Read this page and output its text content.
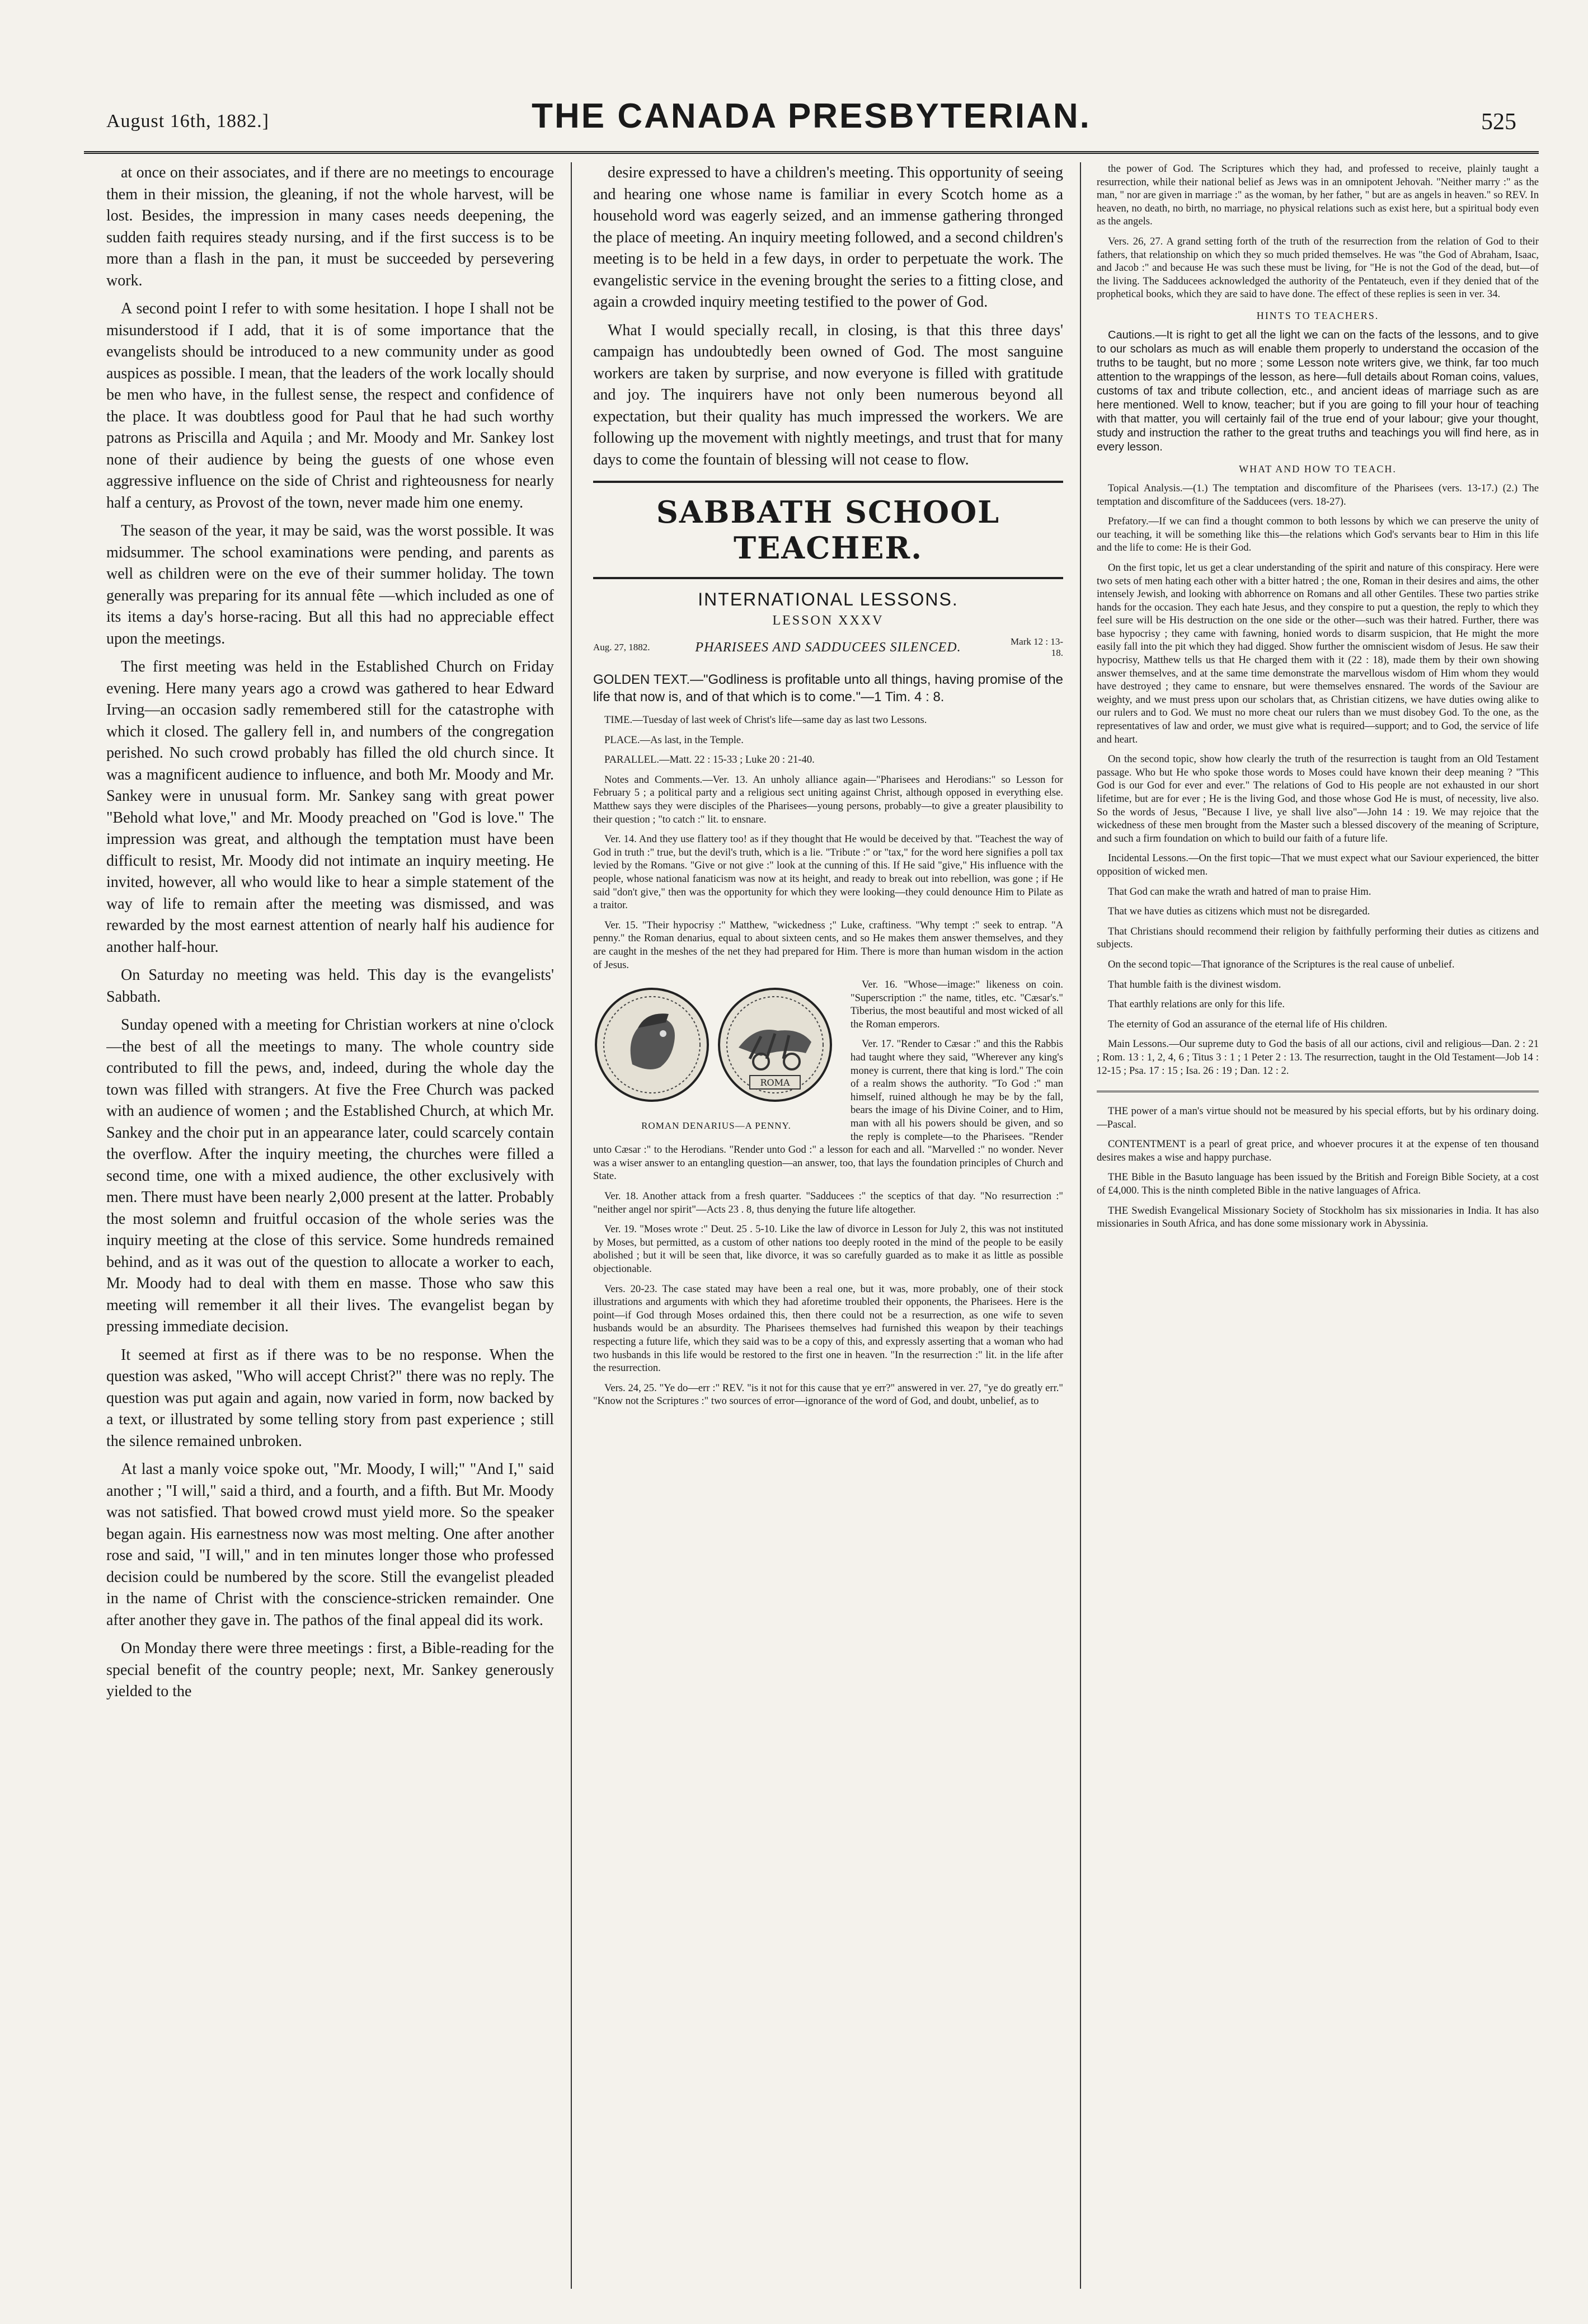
August 16th, 1882.]	THE CANADA PRESBYTERIAN.	525

at once on their associates, and if there are no meetings to encourage them in their mission, the gleaning, if not the whole harvest, will be lost. Besides, the impression in many cases needs deepening, the sudden faith requires steady nursing, and if the first success is to be more than a flash in the pan, it must be succeeded by persevering work.

A second point I refer to with some hesitation. I hope I shall not be misunderstood if I add, that it is of some importance that the evangelists should be introduced to a new community under as good auspices as possible. I mean, that the leaders of the work locally should be men who have, in the fullest sense, the respect and confidence of the place. It was doubtless good for Paul that he had such worthy patrons as Priscilla and Aquila ; and Mr. Moody and Mr. Sankey lost none of their audience by being the guests of one whose even aggressive influence on the side of Christ and righteousness for nearly half a century, as Provost of the town, never made him one enemy.

The season of the year, it may be said, was the worst possible. It was midsummer. The school examinations were pending, and parents as well as children were on the eve of their summer holiday. The town generally was preparing for its annual fête —which included as one of its items a day's horse-racing. But all this had no appreciable effect upon the meetings.

The first meeting was held in the Established Church on Friday evening. Here many years ago a crowd was gathered to hear Edward Irving—an occasion sadly remembered still for the catastrophe with which it closed. The gallery fell in, and numbers of the congregation perished. No such crowd probably has filled the old church since. It was a magnificent audience to influence, and both Mr. Moody and Mr. Sankey were in unusual form. Mr. Sankey sang with great power "Behold what love," and Mr. Moody preached on "God is love." The impression was great, and although the temptation must have been difficult to resist, Mr. Moody did not intimate an inquiry meeting. He invited, however, all who would like to hear a simple statement of the way of life to remain after the meeting was dismissed, and was rewarded by the most earnest attention of nearly half his audience for another half-hour.

On Saturday no meeting was held. This day is the evangelists' Sabbath.

Sunday opened with a meeting for Christian workers at nine o'clock—the best of all the meetings to many. The whole country side contributed to fill the pews, and, indeed, during the whole day the town was filled with strangers. At five the Free Church was packed with an audience of women ; and the Established Church, at which Mr. Sankey and the choir put in an appearance later, could scarcely contain the overflow. After the inquiry meeting, the churches were filled a second time, one with a mixed audience, the other exclusively with men. There must have been nearly 2,000 present at the latter. Probably the most solemn and fruitful occasion of the whole series was the inquiry meeting at the close of this service. Some hundreds remained behind, and as it was out of the question to allocate a worker to each, Mr. Moody had to deal with them en masse. Those who saw this meeting will remember it all their lives. The evangelist began by pressing immediate decision.

It seemed at first as if there was to be no response. When the question was asked, "Who will accept Christ?" there was no reply. The question was put again and again, now varied in form, now backed by a text, or illustrated by some telling story from past experience ; still the silence remained unbroken.

At last a manly voice spoke out, "Mr. Moody, I will;" "And I," said another ; "I will," said a third, and a fourth, and a fifth. But Mr. Moody was not satisfied. That bowed crowd must yield more. So the speaker began again. His earnestness now was most melting. One after another rose and said, "I will," and in ten minutes longer those who professed decision could be numbered by the score. Still the evangelist pleaded in the name of Christ with the conscience-stricken remainder. One after another they gave in. The pathos of the final appeal did its work.

On Monday there were three meetings : first, a Bible-reading for the special benefit of the country people; next, Mr. Sankey generously yielded to the

desire expressed to have a children's meeting. This opportunity of seeing and hearing one whose name is familiar in every Scotch home as a household word was eagerly seized, and an immense gathering thronged the place of meeting. An inquiry meeting followed, and a second children's meeting is to be held in a few days, in order to perpetuate the work. The evangelistic service in the evening brought the series to a fitting close, and again a crowded inquiry meeting testified to the power of God.

What I would specially recall, in closing, is that this three days' campaign has undoubtedly been owned of God. The most sanguine workers are taken by surprise, and now everyone is filled with gratitude and joy. The inquirers have not only been numerous beyond all expectation, but their quality has much impressed the workers. We are following up the movement with nightly meetings, and trust that for many days to come the fountain of blessing will not cease to flow.

SABBATH SCHOOL TEACHER.
INTERNATIONAL LESSONS.
LESSON XXXV
Aug. 27, 1882.	PHARISEES AND SADDUCEES SILENCED.	Mark 12 : 13-18.
GOLDEN TEXT.—"Godliness is profitable unto all things, having promise of the life that now is, and of that which is to come."—1 Tim. 4 : 8.

TIME.—Tuesday of last week of Christ's life—same day as last two Lessons.

PLACE.—As last, in the Temple.

PARALLEL.—Matt. 22 : 15-33 ; Luke 20 : 21-40.

Notes and Comments.—Ver. 13. An unholy alliance again—"Pharisees and Herodians:" so Lesson for February 5 ; a political party and a religious sect uniting against Christ, although opposed in everything else. Matthew says they were disciples of the Pharisees—young persons, probably—to give a greater plausibility to their question ; "to catch :" lit. to ensnare.

Ver. 14. And they use flattery too! as if they thought that He would be deceived by that. "Teachest the way of God in truth :" true, but the devil's truth, which is a lie. "Tribute :" or "tax," for the word here signifies a poll tax levied by the Romans. "Give or not give :" look at the cunning of this. If He said "give," His influence with the people, whose national fanaticism was now at its height, and ready to break out into rebellion, was gone ; if He said "don't give," then was the opportunity for which they were looking—they could denounce Him to Pilate as a traitor.

Ver. 15. "Their hypocrisy :" Matthew, "wickedness ;" Luke, craftiness. "Why tempt :" seek to entrap. "A penny." the Roman denarius, equal to about sixteen cents, and so He makes them answer themselves, and they are caught in the meshes of the net they had prepared for Him. There is more than human wisdom in the action of Jesus.

ROMA
ROMAN DENARIUS—A PENNY.

Ver. 16. "Whose—image:" likeness on coin. "Superscription :" the name, titles, etc. "Cæsar's." Tiberius, the most beautiful and most wicked of all the Roman emperors.

Ver. 17. "Render to Cæsar :" and this the Rabbis had taught where they said, "Wherever any king's money is current, there that king is lord." The coin of a realm shows the authority. "To God :" man himself, ruined although he may be by the fall, bears the image of his Divine Coiner, and to Him, man with all his powers should be given, and so the reply is complete—to the Pharisees. "Render unto Cæsar :" to the Herodians. "Render unto God :" a lesson for each and all. "Marvelled :" no wonder. Never was a wiser answer to an entangling question—an answer, too, that lays the foundation principles of Church and State.

Ver. 18. Another attack from a fresh quarter. "Sadducees :" the sceptics of that day. "No resurrection :" "neither angel nor spirit"—Acts 23 . 8, thus denying the future life altogether.

Ver. 19. "Moses wrote :" Deut. 25 . 5-10. Like the law of divorce in Lesson for July 2, this was not instituted by Moses, but permitted, as a custom of other nations too deeply rooted in the mind of the people to be easily abolished ; but it will be seen that, like divorce, it was so carefully guarded as to make it as little as possible objectionable.

Vers. 20-23. The case stated may have been a real one, but it was, more probably, one of their stock illustrations and arguments with which they had aforetime troubled their opponents, the Pharisees. Here is the point—if God through Moses ordained this, then there could not be a resurrection, as one wife to seven husbands would be an absurdity. The Pharisees themselves had furnished this weapon by their teachings respecting a future life, which they said was to be a copy of this, and expressly asserting that a woman who had two husbands in this life would be restored to the first one in heaven. "In the resurrection :" lit. in the life after the resurrection.

Vers. 24, 25. "Ye do—err :" REV. "is it not for this cause that ye err?" answered in ver. 27, "ye do greatly err." "Know not the Scriptures :" two sources of error—ignorance of the word of God, and doubt, unbelief, as to

the power of God. The Scriptures which they had, and professed to receive, plainly taught a resurrection, while their national belief as Jews was in an omnipotent Jehovah. "Neither marry :" as the man, " nor are given in marriage :" as the woman, by her father, " but are as angels in heaven." so REV. In heaven, no death, no birth, no marriage, no physical relations such as exist here, but a spiritual body even as the angels.

Vers. 26, 27. A grand setting forth of the truth of the resurrection from the relation of God to their fathers, that relationship on which they so much prided themselves. He was "the God of Abraham, Isaac, and Jacob :" and because He was such these must be living, for "He is not the God of the dead, but—of the living. The Sadducees acknowledged the authority of the Pentateuch, even if they denied that of the prophetical books, which they are said to have done. The effect of these replies is seen in ver. 34.

HINTS TO TEACHERS.

Cautions.—It is right to get all the light we can on the facts of the lessons, and to give to our scholars as much as will enable them properly to understand the occasion of the truths to be taught, but no more ; some Lesson note writers give, we think, far too much attention to the wrappings of the lesson, as here—full details about Roman coins, values, customs of tax and tribute collection, etc., and ancient ideas of marriage such as are here mentioned. Well to know, teacher; but if you are going to fill your hour of teaching with that matter, you will certainly fail of the true end of your labour; give your thought, study and instruction the rather to the great truths and teachings you will find here, as in every lesson.

WHAT AND HOW TO TEACH.

Topical Analysis.—(1.) The temptation and discomfiture of the Pharisees (vers. 13-17.) (2.) The temptation and discomfiture of the Sadducees (vers. 18-27).

Prefatory.—If we can find a thought common to both lessons by which we can preserve the unity of our teaching, it will be something like this—the relations which God's servants bear to Him in this life and the life to come: He is their God.

On the first topic, let us get a clear understanding of the spirit and nature of this conspiracy. Here were two sets of men hating each other with a bitter hatred ; the one, Roman in their desires and aims, the other intensely Jewish, and looking with abhorrence on Romans and all other Gentiles. These two parties strike hands for the occasion. They each hate Jesus, and they conspire to put a question, the reply to which they feel sure will be His destruction on the one side or the other—such was their hatred. Further, there was base hypocrisy ; they came with fawning, honied words to disarm suspicion, that He might the more easily fall into the pit which they had digged. Show further the omniscient wisdom of Jesus. He saw their hypocrisy, Matthew tells us that He charged them with it (22 : 18), made them by their own showing answer themselves, and at the same time demonstrate the marvellous wisdom of Him whom they would have destroyed ; they came to ensnare, but were themselves ensnared. The words of the Saviour are weighty, and we must press upon our scholars that, as Christian citizens, we have duties owing alike to our rulers and to God. We must no more cheat our rulers than we must disobey God. To the one, as the representatives of law and order, we must give what is required—support; and to God, the service of life and heart.

On the second topic, show how clearly the truth of the resurrection is taught from an Old Testament passage. Who but He who spoke those words to Moses could have known their deep meaning ? "This God is our God for ever and ever." The relations of God to His people are not exhausted in our short lifetime, but are for ever ; He is the living God, and those whose God He is must, of necessity, live also. So the words of Jesus, "Because I live, ye shall live also"—John 14 : 19. We may rejoice that the wickedness of these men brought from the Master such a blessed discovery of the meaning of Scripture, and such a firm foundation on which to build our faith of a future life.

Incidental Lessons.—On the first topic—That we must expect what our Saviour experienced, the bitter opposition of wicked men.

That God can make the wrath and hatred of man to praise Him.

That we have duties as citizens which must not be disregarded.

That Christians should recommend their religion by faithfully performing their duties as citizens and subjects.

On the second topic—That ignorance of the Scriptures is the real cause of unbelief.

That humble faith is the divinest wisdom.

That earthly relations are only for this life.

The eternity of God an assurance of the eternal life of His children.

Main Lessons.—Our supreme duty to God the basis of all our actions, civil and religious—Dan. 2 : 21 ; Rom. 13 : 1, 2, 4, 6 ; Titus 3 : 1 ; 1 Peter 2 : 13. The resurrection, taught in the Old Testament—Job 14 : 12-15 ; Psa. 17 : 15 ; Isa. 26 : 19 ; Dan. 12 : 2.

THE power of a man's virtue should not be measured by his special efforts, but by his ordinary doing.—Pascal.

CONTENTMENT is a pearl of great price, and whoever procures it at the expense of ten thousand desires makes a wise and happy purchase.

THE Bible in the Basuto language has been issued by the British and Foreign Bible Society, at a cost of £4,000. This is the ninth completed Bible in the native languages of Africa.

THE Swedish Evangelical Missionary Society of Stockholm has six missionaries in India. It has also missionaries in South Africa, and has done some missionary work in Abyssinia.
